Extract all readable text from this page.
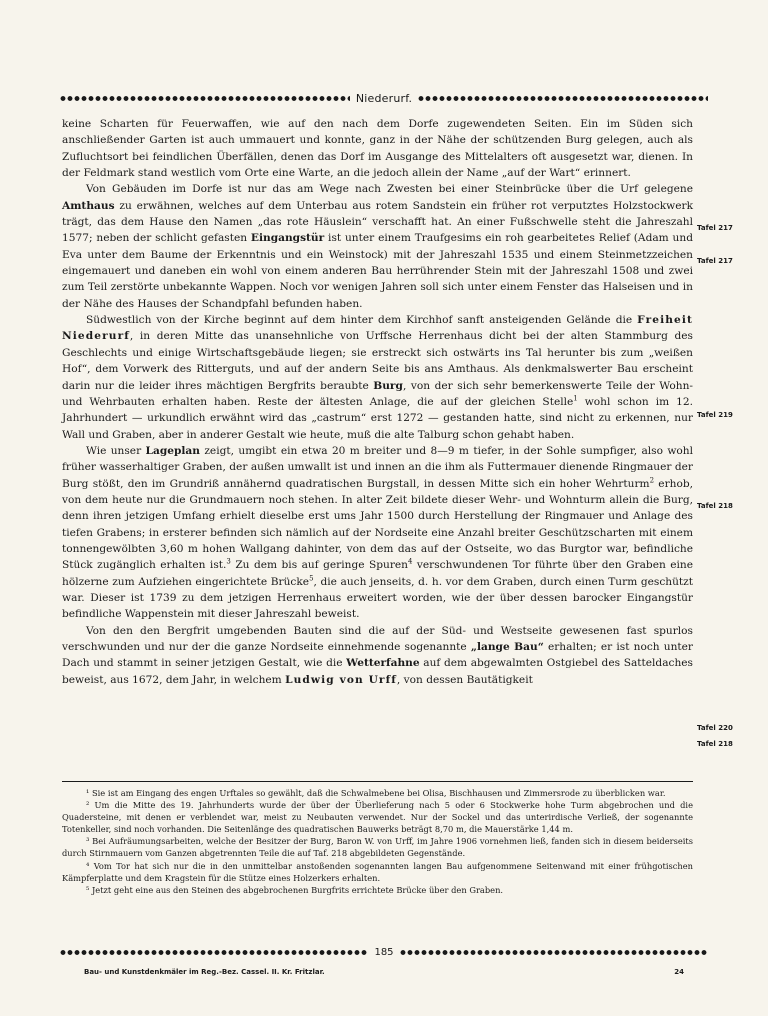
Niederurf.

keine Scharten für Feuerwaffen, wie auf den nach dem Dorfe zugewendeten Seiten. Ein im Süden sich anschließender Garten ist auch ummauert und konnte, ganz in der Nähe der schützenden Burg gelegen, auch als Zufluchtsort bei feindlichen Überfällen, denen das Dorf im Ausgange des Mittelalters oft ausgesetzt war, dienen. In der Feldmark stand westlich vom Orte eine Warte, an die jedoch allein der Name „auf der Wart“ erinnert.

Von Gebäuden im Dorfe ist nur das am Wege nach Zwesten bei einer Steinbrücke über die Urf gelegene Amthaus zu erwähnen, welches auf dem Unterbau aus rotem Sandstein ein früher rot verputztes Holzstockwerk trägt, das dem Hause den Namen „das rote Häuslein“ verschafft hat. An einer Fußschwelle steht die Jahreszahl 1577; neben der schlicht gefasten Eingangstür ist unter einem Traufgesims ein roh gearbeitetes Relief (Adam und Eva unter dem Baume der Erkenntnis und ein Weinstock) mit der Jahreszahl 1535 und einem Steinmetzzeichen eingemauert und daneben ein wohl von einem anderen Bau herrührender Stein mit der Jahreszahl 1508 und zwei zum Teil zerstörte unbekannte Wappen. Noch vor wenigen Jahren soll sich unter einem Fenster das Halseisen und in der Nähe des Hauses der Schandpfahl befunden haben.

Südwestlich von der Kirche beginnt auf dem hinter dem Kirchhof sanft ansteigenden Gelände die Freiheit Niederurf, in deren Mitte das unansehnliche von Urffsche Herrenhaus dicht bei der alten Stammburg des Geschlechts und einige Wirtschaftsgebäude liegen; sie erstreckt sich ostwärts ins Tal herunter bis zum „weißen Hof“, dem Vorwerk des Ritterguts, und auf der andern Seite bis ans Amthaus. Als denkmalswerter Bau erscheint darin nur die leider ihres mächtigen Bergfrits beraubte Burg, von der sich sehr bemerkenswerte Teile der Wohn- und Wehrbauten erhalten haben. Reste der ältesten Anlage, die auf der gleichen Stelle$^1$ wohl schon im 12. Jahrhundert — urkundlich erwähnt wird das „castrum“ erst 1272 — gestanden hatte, sind nicht zu erkennen, nur Wall und Graben, aber in anderer Gestalt wie heute, muß die alte Talburg schon gehabt haben.

Wie unser Lageplan zeigt, umgibt ein etwa 20 m breiter und 8—9 m tiefer, in der Sohle sumpfiger, also wohl früher wasserhaltiger Graben, der außen umwallt ist und innen an die ihm als Futtermauer dienende Ringmauer der Burg stößt, den im Grundriß annähernd quadratischen Burgstall, in dessen Mitte sich ein hoher Wehrturm$^2$ erhob, von dem heute nur die Grundmauern noch stehen. In alter Zeit bildete dieser Wehr- und Wohnturm allein die Burg, denn ihren jetzigen Umfang erhielt dieselbe erst ums Jahr 1500 durch Herstellung der Ringmauer und Anlage des tiefen Grabens; in ersterer befinden sich nämlich auf der Nordseite eine Anzahl breiter Geschützscharten mit einem tonnengewölbten 3,60 m hohen Wallgang dahinter, von dem das auf der Ostseite, wo das Burgtor war, befindliche Stück zugänglich erhalten ist.$^3$ Zu dem bis auf geringe Spuren$^4$ verschwundenen Tor führte über den Graben eine hölzerne zum Aufziehen eingerichtete Brücke$^5$, die auch jenseits, d. h. vor dem Graben, durch einen Turm geschützt war. Dieser ist 1739 zu dem jetzigen Herrenhaus erweitert worden, wie der über dessen barocker Eingangstür befindliche Wappenstein mit dieser Jahreszahl beweist.

Von den den Bergfrit umgebenden Bauten sind die auf der Süd- und Westseite gewesenen fast spurlos verschwunden und nur der die ganze Nordseite einnehmende sogenannte „lange Bau“ erhalten; er ist noch unter Dach und stammt in seiner jetzigen Gestalt, wie die Wetterfahne auf dem abgewalmten Ostgiebel des Satteldaches beweist, aus 1672, dem Jahr, in welchem Ludwig von Urff, von dessen Bautätigkeit

Tafel 217
Tafel 217
Tafel 219
Tafel 218
Tafel 220
Tafel 218

¹ Sie ist am Eingang des engen Urftales so gewählt, daß die Schwalmebene bei Olisa, Bischhausen und Zimmersrode zu überblicken war.

² Um die Mitte des 19. Jahrhunderts wurde der über der Überlieferung nach 5 oder 6 Stockwerke hohe Turm abgebrochen und die Quadersteine, mit denen er verblendet war, meist zu Neubauten verwendet. Nur der Sockel und das unterirdische Verließ, der sogenannte Totenkeller, sind noch vorhanden. Die Seitenlänge des quadratischen Bauwerks beträgt 8,70 m, die Mauerstärke 1,44 m.

³ Bei Aufräumungsarbeiten, welche der Besitzer der Burg, Baron W. von Urff, im Jahre 1906 vornehmen ließ, fanden sich in diesem beiderseits durch Stirnmauern vom Ganzen abgetrennten Teile die auf Taf. 218 abgebildeten Gegenstände.

⁴ Vom Tor hat sich nur die in den unmittelbar anstoßenden sogenannten langen Bau aufgenommene Seitenwand mit einer frühgotischen Kämpferplatte und dem Kragstein für die Stütze eines Holzerkers erhalten.

⁵ Jetzt geht eine aus den Steinen des abgebrochenen Burgfrits errichtete Brücke über den Graben.

185
Bau- und Kunstdenkmäler im Reg.-Bez. Cassel. II. Kr. Fritzlar.	24
